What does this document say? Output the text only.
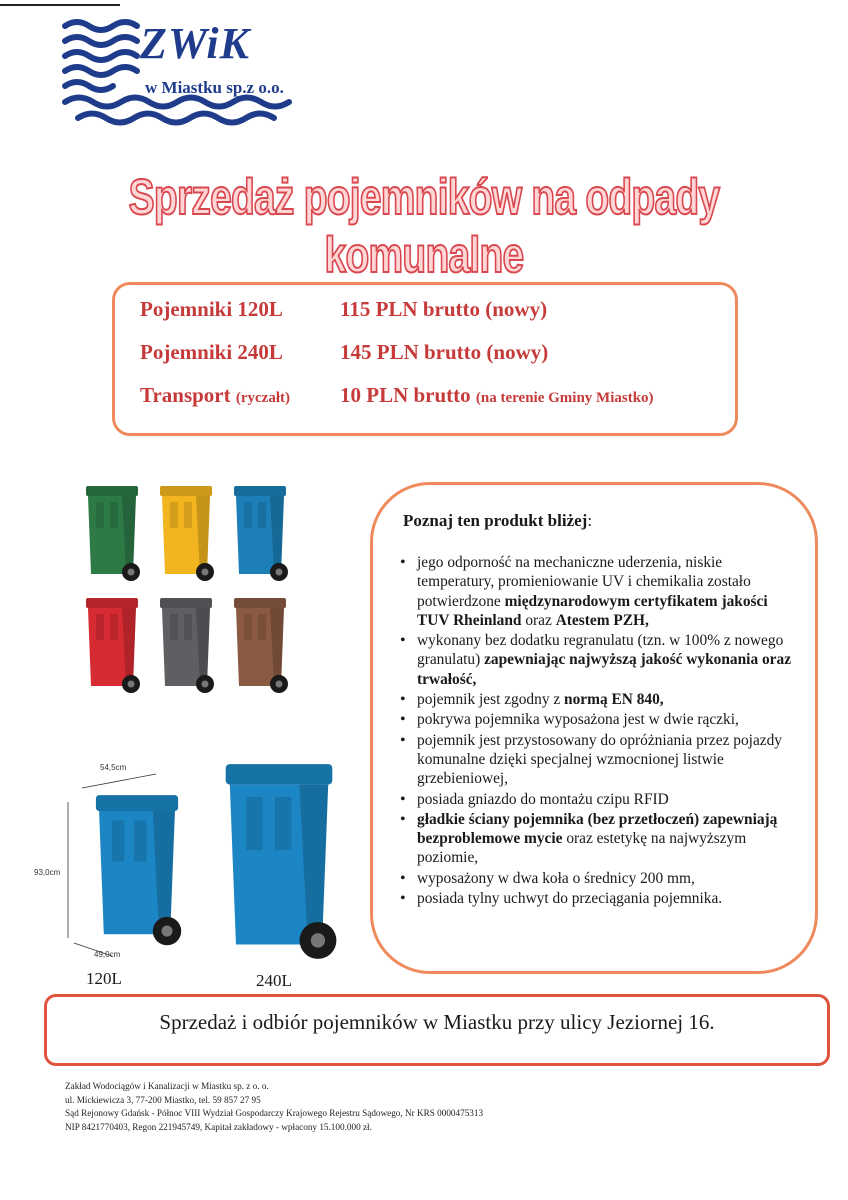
ZWiK
w Miastku sp.z o.o.
Sprzedaż pojemników na odpady komunalne
Pojemniki 120L	115 PLN brutto (nowy)
Pojemniki 240L	145 PLN brutto (nowy)
Transport (ryczałt) 10 PLN brutto (na terenie Gminy Miastko)
54,5cm
93,0cm
49,0cm
120L	240L
Poznaj ten produkt bliżej:
• jego odporność na mechaniczne uderzenia, niskie temperatury, promieniowanie UV i chemikalia zostało potwierdzone międzynarodowym certyfikatem jakości TUV Rheinland oraz Atestem PZH,
• wykonany bez dodatku regranulatu (tzn. w 100% z nowego granulatu) zapewniając najwyższą jakość wykonania oraz trwałość,
• pojemnik jest zgodny z normą EN 840,
• pokrywa pojemnika wyposażona jest w dwie rączki,
• pojemnik jest przystosowany do opróżniania przez pojazdy komunalne dzięki specjalnej wzmocnionej listwie grzebieniowej,
• posiada gniazdo do montażu czipu RFID
• gładkie ściany pojemnika (bez przetłoczeń) zapewniają bezproblemowe mycie oraz estetykę na najwyższym poziomie,
• wyposażony w dwa koła o średnicy 200 mm,
• posiada tylny uchwyt do przeciągania pojemnika.
Sprzedaż i odbiór pojemników w Miastku przy ulicy Jeziornej 16.
Zakład Wodociągów i Kanalizacji w Miastku sp. z o. o.
ul. Mickiewicza 3, 77-200 Miastko, tel. 59 857 27 95
Sąd Rejonowy Gdańsk - Północ VIII Wydział Gospodarczy Krajowego Rejestru Sądowego, Nr KRS 0000475313
NIP 8421770403, Regon 221945749, Kapitał zakładowy - wpłacony 15.100.000 zł.
